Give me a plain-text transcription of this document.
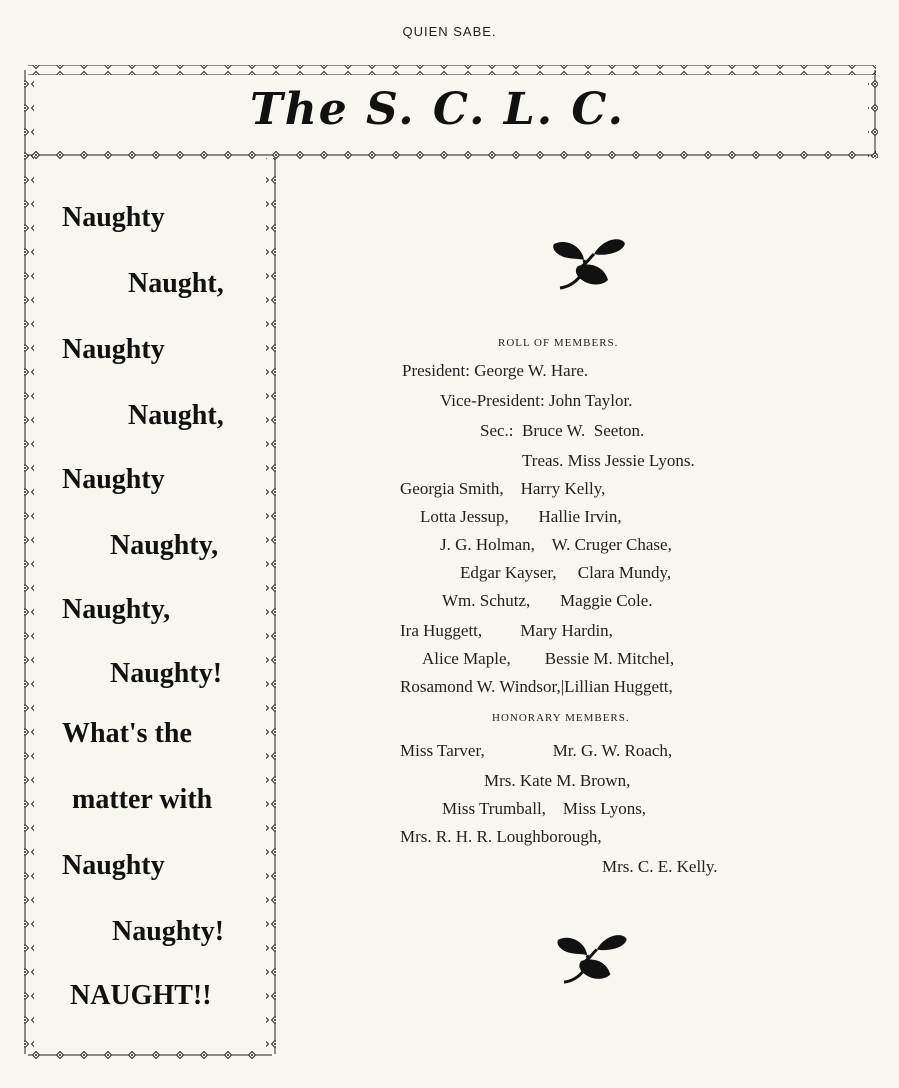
QUIEN SABE.
The S. C. L. C.
Naughty
Naught,
Naughty
Naught,
Naughty
Naughty,
Naughty,
Naughty!
What's the
matter with
Naughty
Naughty!
NAUGHT!!
ROLL OF MEMBERS.
President: George W. Hare.
Vice-President: John Taylor.
Sec.:  Bruce W.  Seeton.
Treas. Miss Jessie Lyons.
Georgia Smith,    Harry Kelly,
Lotta Jessup,       Hallie Irvin,
J. G. Holman,    W. Cruger Chase,
Edgar Kayser,     Clara Mundy,
Wm. Schutz,       Maggie Cole.
Ira Huggett,         Mary Hardin,
Alice Maple,        Bessie M. Mitchel,
Rosamond W. Windsor,|Lillian Huggett,
HONORARY MEMBERS.
Miss Tarver,                Mr. G. W. Roach,
Mrs. Kate M. Brown,
Miss Trumball,    Miss Lyons,
Mrs. R. H. R. Loughborough,
Mrs. C. E. Kelly.
